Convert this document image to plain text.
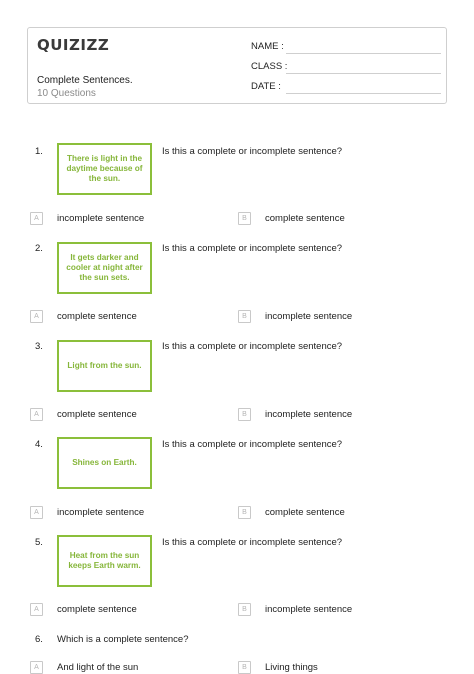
QUIZIZZ
Complete Sentences.
10 Questions
NAME :
CLASS :
DATE :
1.
There is light in the daytime because of the sun.
Is this a complete or incomplete sentence?
A	incomplete sentence	B	complete sentence
2.
It gets darker and cooler at night after the sun sets.
Is this a complete or incomplete sentence?
A	complete sentence	B	incomplete sentence
3.
Light from the sun.
Is this a complete or incomplete sentence?
A	complete sentence	B	incomplete sentence
4.
Shines on Earth.
Is this a complete or incomplete sentence?
A	incomplete sentence	B	complete sentence
5.
Heat from the sun keeps Earth warm.
Is this a complete or incomplete sentence?
A	complete sentence	B	incomplete sentence
6. Which is a complete sentence?
A	And light of the sun	B	Living things
